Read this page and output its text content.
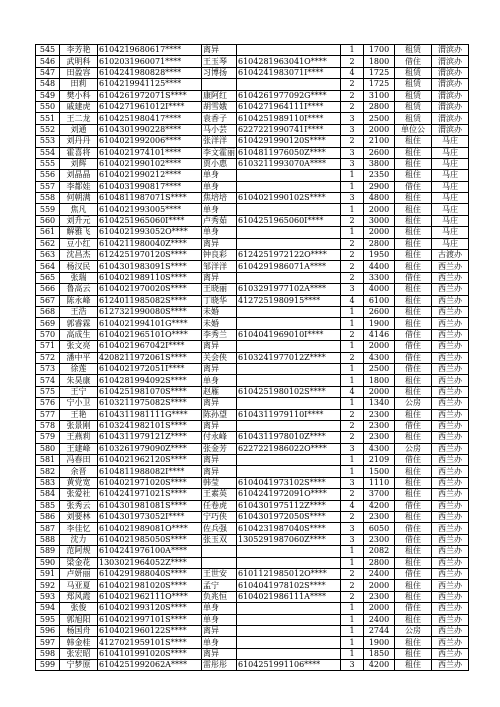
545	李芳艳	6104219680617****	离异		1	1700	租赁	渭滨办
546	武明科	6102031960071****	王玉琴	6104281963041O****	2	1800	借住	渭滨办
547	田盈容	6104241980828****	习博扬	6104241983071I****	4	1725	租赁	渭滨办
548	田莉	6104219941125****			2	1725	租赁	渭滨办
549	樊小科	6104261972071S****	康阿红	6104261977092G****	2	3100	租赁	渭滨办
550	戚建虎	6104271961012I****	胡雪娥	6104271964111I****	2	2800	租赁	渭滨办
551	王二龙	6104251980417****	袁香子	6104251989110I****	3	2500	租赁	渭滨办
552	刘通	6104301990228****	马小芸	6227221990741I****	3	2000	单位公	渭滨办
553	刘丹丹	6104021992006****	张洋洋	6104291990120S****	2	2100	租住	马庄
554	霍喜将	6104021974101****	李文霍丽	6104811976050Z****	3	2600	租住	马庄
555	刘辉	6104021990102****	贾小惠	6103211993070A****	3	3800	租住	马庄
556	刘晶晶	6104021990212****	单身		1	2350	租住	马庄
557	李都娃	6104031990817****	单身		1	2900	借住	马庄
558	何朝满	6104811987071S****	焦培培	6104021990102S****	3	4800	租住	马庄
559	焦凡	6104021993005****	单身		1	2000	租住	马庄
560	刘升元	6104251965060I****	卢秀茹	6104251965060I****	2	3000	租住	马庄
561	解雅飞	6104021993052O****	单身		1	2000	租住	马庄
562	豆小红	6104211980040Z****	离异		2	2800	租住	马庄
563	沈昌杰	6124251970120S****	钟良彩	6124251972122O****	2	1950	租住	古渡办
564	杨汉民	6104301983091S****	邹洋洋	6104291986071A****	2	4400	租住	西兰办
565	张瑞	6104021989110S****	离异		2	3300	借住	西兰办
566	鲁高云	6104021970020S****	王晓丽	6103291977102A****	3	4000	租住	西兰办
567	陈永峰	6124011985082S****	丁晓华	4127251980915****	4	6100	租住	西兰办
568	王浩	6127321990080S****	未婚		1	2600	租住	西兰办
569	郭睿霖	6104021994101G****	未婚		1	1900	租住	西兰办
570	高成生	6104021965101O****	李秀兰	6104041969010I****	2	4146	借住	西兰办
571	张文亮	6104021967042I****	离异		1	2000	借住	西兰办
572	潘中平	4208211972061S****	关会侠	6103241977012Z****	2	4300	借住	西兰办
573	徐莲	6104021972051I****	离异		1	2500	借住	西兰办
574	朱昊康	6104281994092S****	单身		1	1800	租住	西兰办
575	王宁	6104251981070S****	赵雁	6104251980102S****	4	2000	租住	西兰办
576	宁小卫	6103211975082S****	离异		1	1340	公房	西兰办
577	王艳	6104311981111G****	陈孙望	6104311979110I****	2	2300	租住	西兰办
578	张景刚	6103241982101S****	离异		2	2300	借住	西兰办
579	王燕莉	6104311979121Z****	付永峰	6104311978010Z****	2	2300	租住	西兰办
580	王建峰	6103261979090Z****	张金芳	6227221986022O****	3	4300	公房	西兰办
581	冯春田	6104021962120S****	离异		1	2109	借住	西兰办
582	余晋	6104811988082I****	离异		1	1500	租住	西兰办
583	黄党宽	6104021971020S****	韩莹	6104041973102S****	3	1110	租住	西兰办
584	张爱社	6104241971021S****	王素英	6104241972091O****	2	3700	租住	西兰办
585	张秀云	6104301981081S****	任卷虎	6104301975112Z****	4	4200	借住	西兰办
586	刘要林	6104301973052I****	宁巧侠	6104301972050S****	2	2300	租住	西兰办
587	李佳忆	6104021989081O****	佐兵强	6104231987040S****	3	6050	借住	西兰办
588	沈力	6104021985050S****	张玉双	1305291987060Z****	3	2300	借住	西兰办
589	范阿规	6104241976100A****			1	2082	租住	西兰办
590	梁金花	1303021964052Z****			1	2800	租住	西兰办
591	卢妍丽	6104291988040S****	王世安	6101121985012O****	2	2400	借住	西兰办
592	马亚夏	6104021981020S****	孟宁	6104041978102S****	2	2000	租住	西兰办
593	郑风霞	6104021962111O****	负兆恒	6104021986111A****	2	2300	租住	西兰办
594	张俊	6104021993120S****	单身		1	2000	借住	西兰办
595	郭旭阳	6104021997101S****	单身		1	2400	租住	西兰办
596	杨国舟	6104021960122S****	离异		1	2744	公房	西兰办
597	韩金桂	4127021959101S****	单身		1	1900	租住	西兰办
598	张宏昭	6104101991020S****	离异		1	1850	租住	西兰办
599	宁梦原	6104251992062A****	雷彤彤	6104251991106****	3	4200	租住	西兰办
